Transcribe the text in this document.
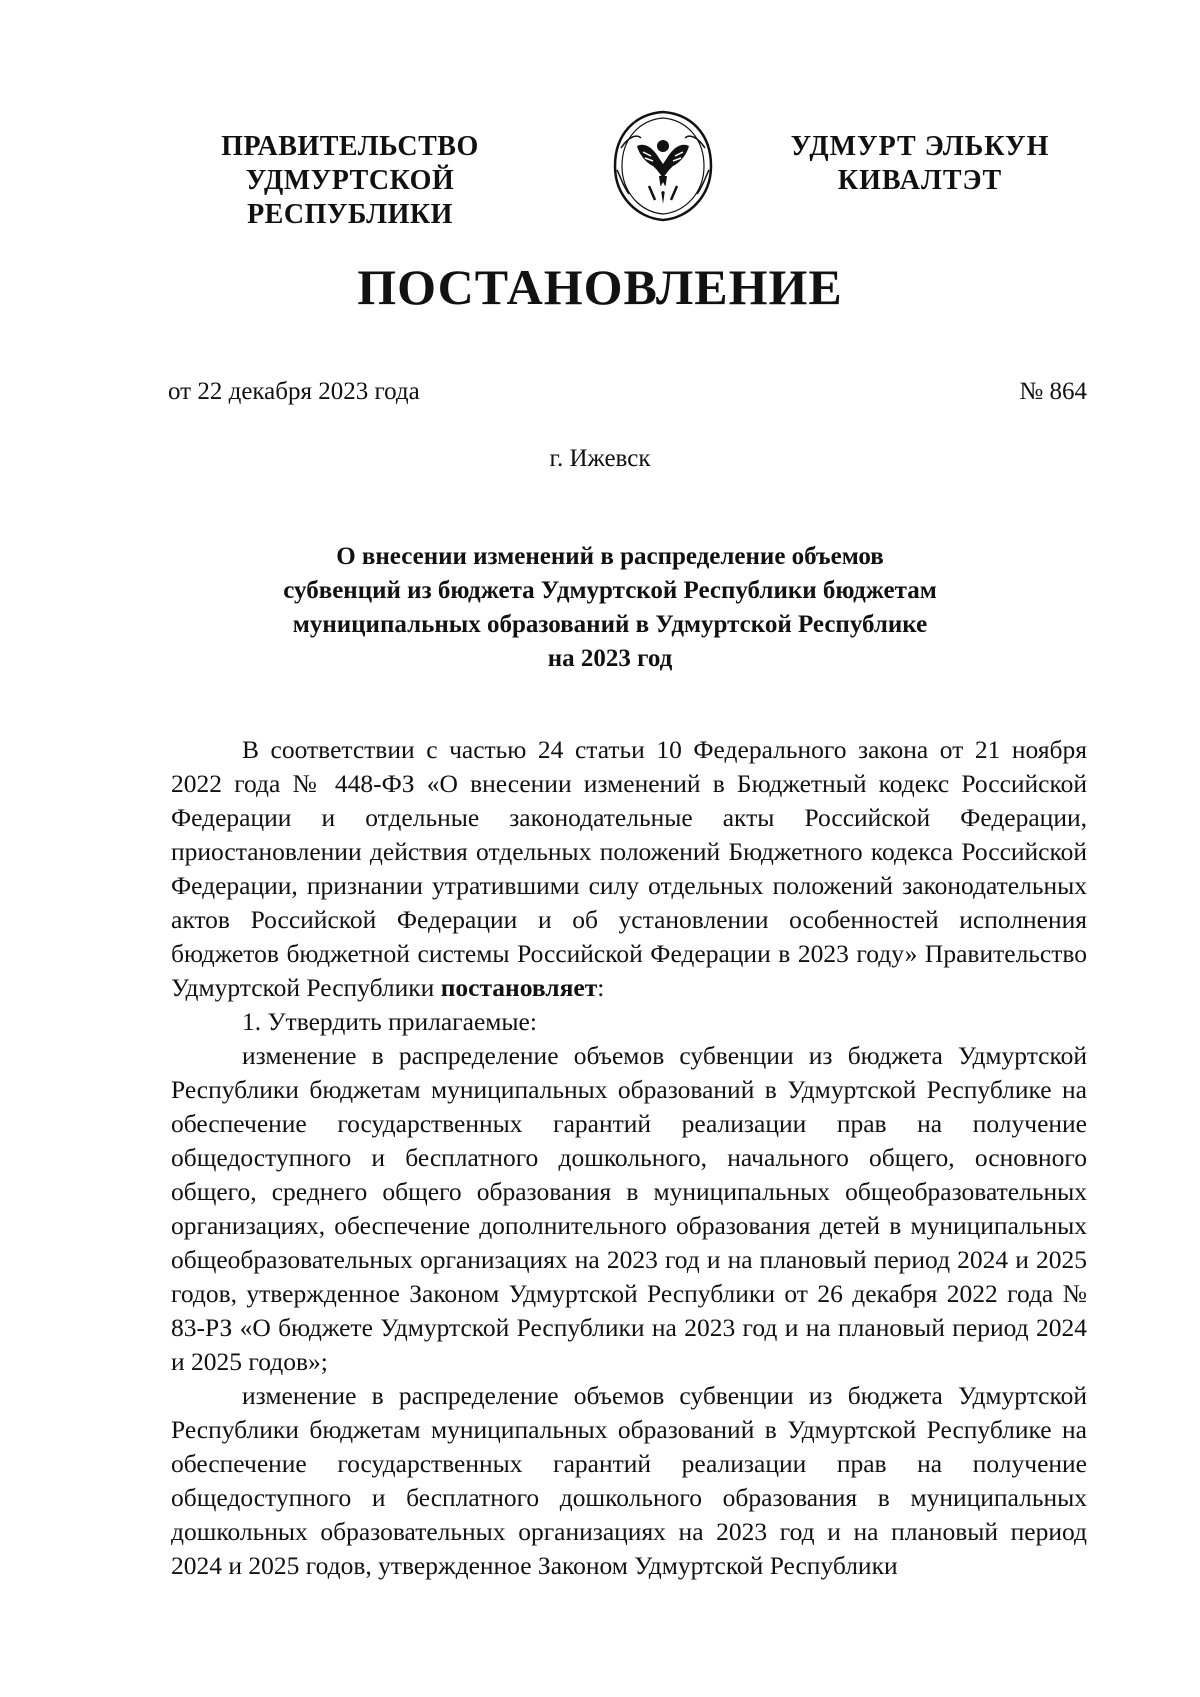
ПРАВИТЕЛЬСТВО
УДМУРТСКОЙ РЕСПУБЛИКИ
УДМУРТ ЭЛЬКУН
КИВАЛТЭТ
ПОСТАНОВЛЕНИЕ
от 22 декабря 2023 года	№ 864
г. Ижевск
О внесении изменений в распределение объемов
субвенций из бюджета Удмуртской Республики бюджетам
муниципальных образований в Удмуртской Республике
на 2023 год

В соответствии с частью 24 статьи 10 Федерального закона от 21 ноября 2022 года № 448-ФЗ «О внесении изменений в Бюджетный кодекс Российской Федерации и отдельные законодательные акты Российской Федерации, приостановлении действия отдельных положений Бюджетного кодекса Российской Федерации, признании утратившими силу отдельных положений законодательных актов Российской Федерации и об установлении особенностей исполнения бюджетов бюджетной системы Российской Федерации в 2023 году» Правительство Удмуртской Республики постановляет:

1. Утвердить прилагаемые:

изменение в распределение объемов субвенции из бюджета Удмуртской Республики бюджетам муниципальных образований в Удмуртской Республике на обеспечение государственных гарантий реализации прав на получение общедоступного и бесплатного дошкольного, начального общего, основного общего, среднего общего образования в муниципальных общеобразовательных организациях, обеспечение дополнительного образования детей в муниципальных общеобразовательных организациях на 2023 год и на плановый период 2024 и 2025 годов, утвержденное Законом Удмуртской Республики от 26 декабря 2022 года № 83-РЗ «О бюджете Удмуртской Республики на 2023 год и на плановый период 2024 и 2025 годов»;

изменение в распределение объемов субвенции из бюджета Удмуртской Республики бюджетам муниципальных образований в Удмуртской Республике на обеспечение государственных гарантий реализации прав на получение общедоступного и бесплатного дошкольного образования в муниципальных дошкольных образовательных организациях на 2023 год и на плановый период 2024 и 2025 годов, утвержденное Законом Удмуртской Республики
